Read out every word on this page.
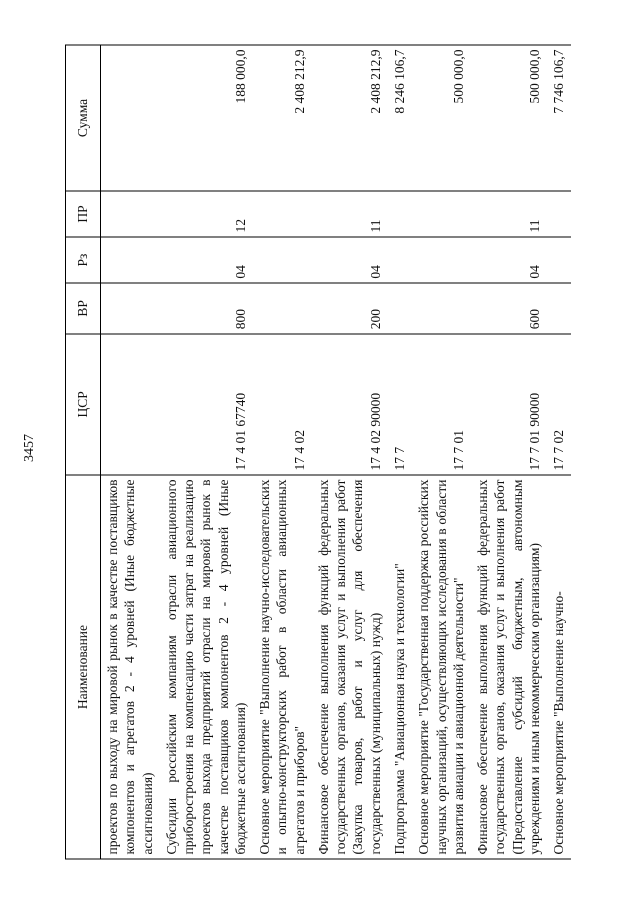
3457
Наименование	ЦСР	ВР	Рз	ПР	Сумма
проектов по выходу на мировой рынок в качестве поставщиков компонентов и агрегатов 2 - 4 уровней (Иные бюджетные ассигнования)					
Субсидии российским компаниям отрасли авиационного приборостроения на компенсацию части затрат на реализацию проектов выхода предприятий отрасли на мировой рынок в качестве поставщиков компонентов 2 - 4 уровней (Иные бюджетные ассигнования)	17 4 01 67740	800	04	12	188 000,0
Основное мероприятие "Выполнение научно-исследовательских и опытно-конструкторских работ в области авиационных агрегатов и приборов"	17 4 02				2 408 212,9
Финансовое обеспечение выполнения функций федеральных государственных органов, оказания услуг и выполнения работ (Закупка товаров, работ и услуг для обеспечения государственных (муниципальных) нужд)	17 4 02 90000	200	04	11	2 408 212,9
Подпрограмма "Авиационная наука и технологии"	17 7				8 246 106,7
Основное мероприятие "Государственная поддержка российских научных организаций, осуществляющих исследования в области развития авиации и авиационной деятельности"	17 7 01				500 000,0
Финансовое обеспечение выполнения функций федеральных государственных органов, оказания услуг и выполнения работ (Предоставление субсидий бюджетным, автономным учреждениям и иным некоммерческим организациям)	17 7 01 90000	600	04	11	500 000,0
Основное мероприятие "Выполнение научно-	17 7 02				7 746 106,7
